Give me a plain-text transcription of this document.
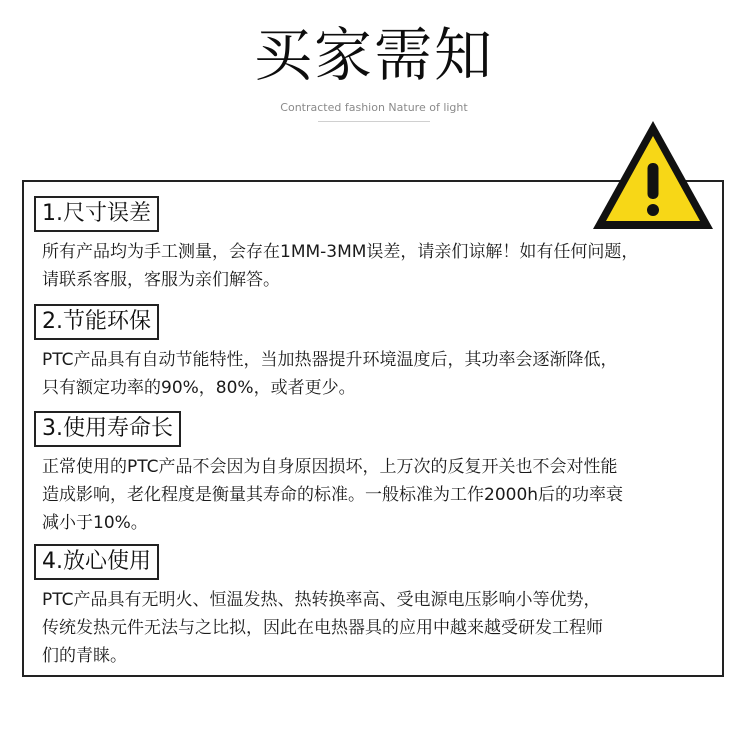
买家需知
Contracted fashion Nature of light
1.尺寸误差
所有产品均为手工测量，会存在1MM-3MM误差，请亲们谅解！如有任何问题，
请联系客服，客服为亲们解答。
2.节能环保
PTC产品具有自动节能特性，当加热器提升环境温度后，其功率会逐渐降低，
只有额定功率的90%，80%，或者更少。
3.使用寿命长
正常使用的PTC产品不会因为自身原因损坏，上万次的反复开关也不会对性能
造成影响，老化程度是衡量其寿命的标准。一般标准为工作2000h后的功率衰
减小于10%。
4.放心使用
PTC产品具有无明火、恒温发热、热转换率高、受电源电压影响小等优势，
传统发热元件无法与之比拟，因此在电热器具的应用中越来越受研发工程师
们的青睐。
